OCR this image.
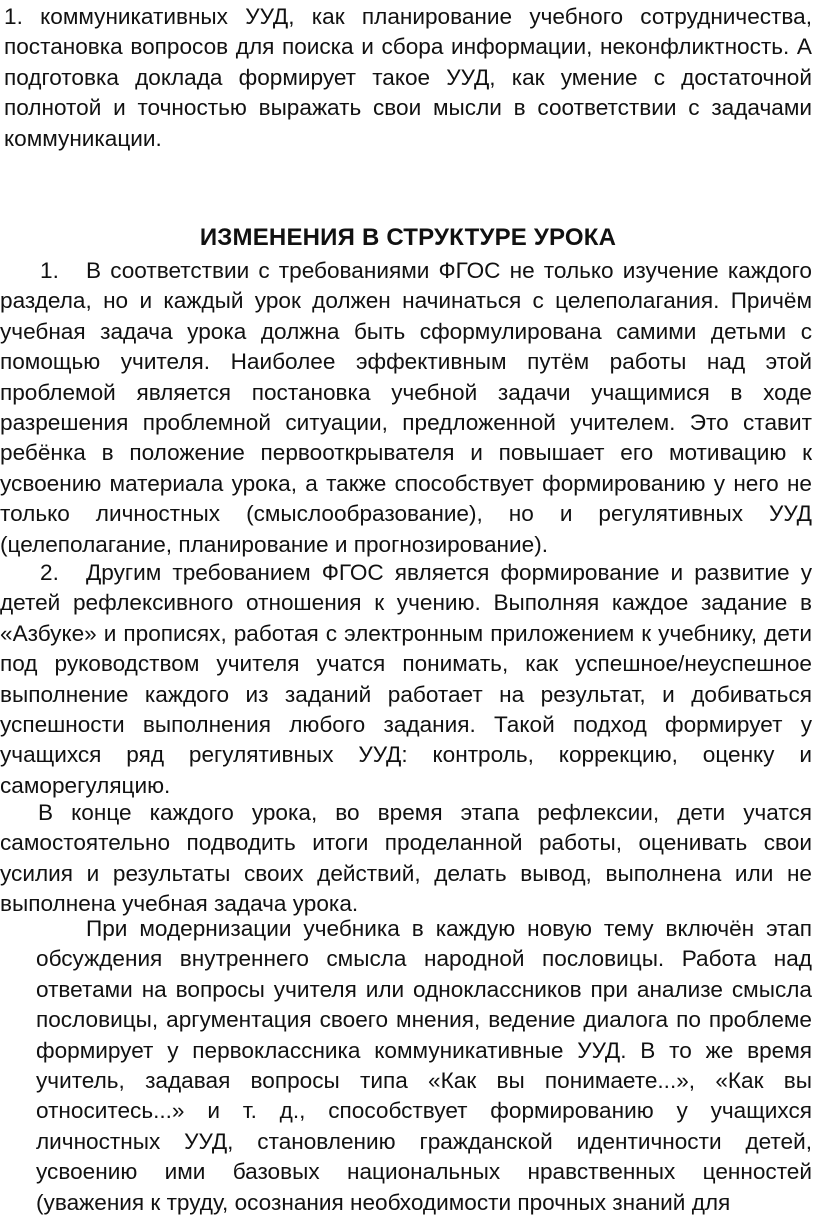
1. коммуникативных УУД, как планирование учебного сотрудничества, постановка вопросов для поиска и сбора информации, неконфликтность. А подготовка доклада формирует такое УУД, как умение с достаточной полнотой и точностью выражать свои мысли в соответствии с задачами коммуникации.

ИЗМЕНЕНИЯ В СТРУКТУРЕ УРОКА

1. В соответствии с требованиями ФГОС не только изучение каждого раздела, но и каждый урок должен начинаться с целеполагания. Причём учебная задача урока должна быть сформулирована самими детьми с помощью учителя. Наиболее эффективным путём работы над этой проблемой является постановка учебной задачи учащимися в ходе разрешения проблемной ситуации, предложенной учителем. Это ставит ребёнка в положение первооткрывателя и повышает его мотивацию к усвоению материала урока, а также способствует формированию у него не только личностных (смыслообразование), но и регулятивных УУД (целеполагание, планирование и прогнозирование).

2. Другим требованием ФГОС является формирование и развитие у детей рефлексивного отношения к учению. Выполняя каждое задание в «Азбуке» и прописях, работая с электронным приложением к учебнику, дети под руководством учителя учатся понимать, как успешное/неуспешное выполнение каждого из заданий работает на результат, и добиваться успешности выполнения любого задания. Такой подход формирует у учащихся ряд регулятивных УУД: контроль, коррекцию, оценку и саморегуляцию.

В конце каждого урока, во время этапа рефлексии, дети учатся самостоятельно подводить итоги проделанной работы, оценивать свои усилия и результаты своих действий, делать вывод, выполнена или не выполнена учебная задача урока.

При модернизации учебника в каждую новую тему включён этап обсуждения внутреннего смысла народной пословицы. Работа над ответами на вопросы учителя или одноклассников при анализе смысла пословицы, аргументация своего мнения, ведение диалога по проблеме формирует у первоклассника коммуникативные УУД. В то же время учитель, задавая вопросы типа «Как вы понимаете...», «Как вы относитесь...» и т. д., способствует формированию у учащихся личностных УУД, становлению гражданской идентичности детей, усвоению ими базовых национальных нравственных ценностей (уважения к труду, осознания необходимости прочных знаний для
